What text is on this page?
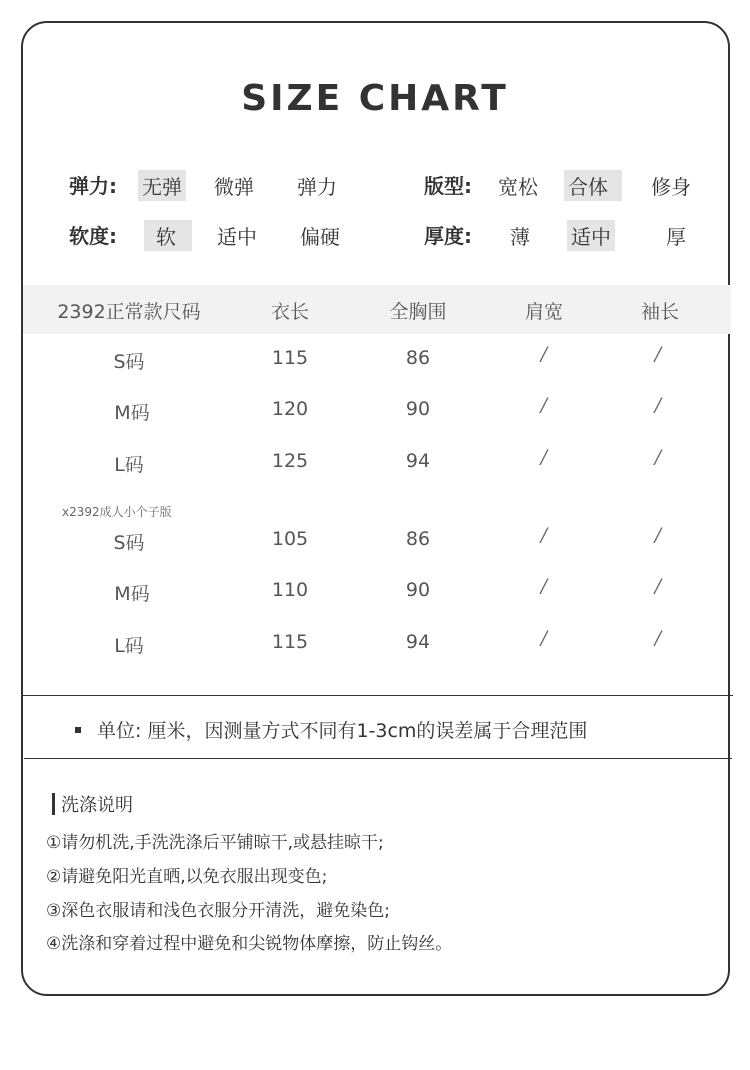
SIZE CHART
弹力: 无弹 微弹 弹力	版型: 宽松 合体	修身
软度:	软	适中 偏硬	厚度: 薄 适中	厚
2392正常款尺码	衣长	全胸围	肩宽	袖长
S码	115	86	/	/
M码	120	90	/	/
L码	125	94	/	/
x2392成人小个子版
S码	105	86	/	/
M码	110	90	/	/
L码	115	94	/	/
单位: 厘米，因测量方式不同有1-3cm的误差属于合理范围
洗涤说明
①请勿机洗,手洗洗涤后平铺晾干,或悬挂晾干;
②请避免阳光直晒,以免衣服出现变色;
③深色衣服请和浅色衣服分开清洗，避免染色;
④洗涤和穿着过程中避免和尖锐物体摩擦，防止钩丝。
